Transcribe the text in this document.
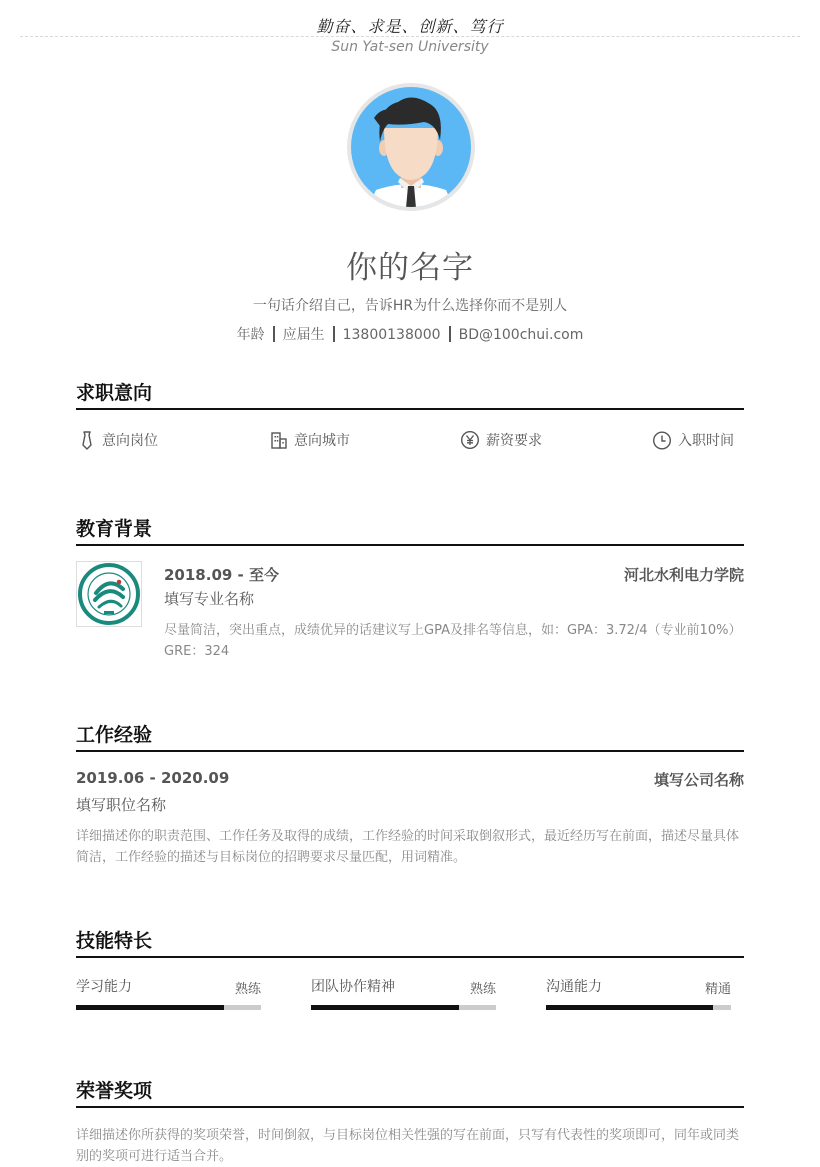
勤奋、求是、创新、笃行
Sun Yat-sen University
你的名字
一句话介绍自己，告诉HR为什么选择你而不是别人
年龄 应届生 13800138000 BD@100chui.com
求职意向
意向岗位	意向城市	薪资要求	入职时间
教育背景
2018.09 - 至今	河北水利电力学院
填写专业名称
尽量简洁，突出重点，成绩优异的话建议写上GPA及排名等信息，如：GPA：3.72/4（专业前10%） GRE：324
工作经验
2019.06 - 2020.09	填写公司名称
填写职位名称
详细描述你的职责范围、工作任务及取得的成绩，工作经验的时间采取倒叙形式，最近经历写在前面，描述尽量具体简洁，工作经验的描述与目标岗位的招聘要求尽量匹配，用词精准。
技能特长
学习能力	熟练	团队协作精神	熟练	沟通能力	精通
荣誉奖项
详细描述你所获得的奖项荣誉，时间倒叙，与目标岗位相关性强的写在前面，只写有代表性的奖项即可，同年或同类别的奖项可进行适当合并。
